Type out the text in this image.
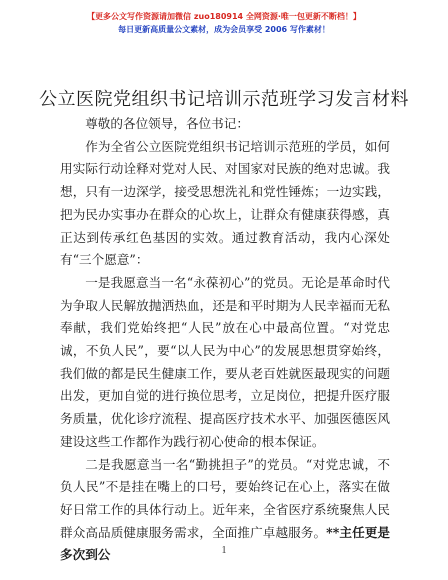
【更多公文写作资源请加微信 zuo180914 全网资源·唯一包更新不断档！】
每日更新高质量公文素材，成为会员享受 2006 写作素材！
公立医院党组织书记培训示范班学习发言材料

尊敬的各位领导，各位书记：

作为全省公立医院党组织书记培训示范班的学员，如何用实际行动诠释对党对人民、对国家对民族的绝对忠诚。我想，只有一边深学，接受思想洗礼和党性锤炼；一边实践，把为民办实事办在群众的心坎上，让群众有健康获得感，真正达到传承红色基因的实效。通过教育活动，我内心深处有“三个愿意”：

一是我愿意当一名“永葆初心”的党员。无论是革命时代为争取人民解放抛洒热血，还是和平时期为人民幸福而无私奉献，我们党始终把“人民”放在心中最高位置。“对党忠诚，不负人民”，要“以人民为中心”的发展思想贯穿始终，我们做的都是民生健康工作，要从老百姓就医最现实的问题出发，更加自觉的进行换位思考，立足岗位，把提升医疗服务质量，优化诊疗流程、提高医疗技术水平、加强医德医风建设这些工作都作为践行初心使命的根本保证。

二是我愿意当一名“勤挑担子”的党员。“对党忠诚，不负人民”不是挂在嘴上的口号，要始终记在心上，落实在做好日常工作的具体行动上。近年来，全省医疗系统聚焦人民群众高品质健康服务需求，全面推广卓越服务。**主任更是多次到公	1
